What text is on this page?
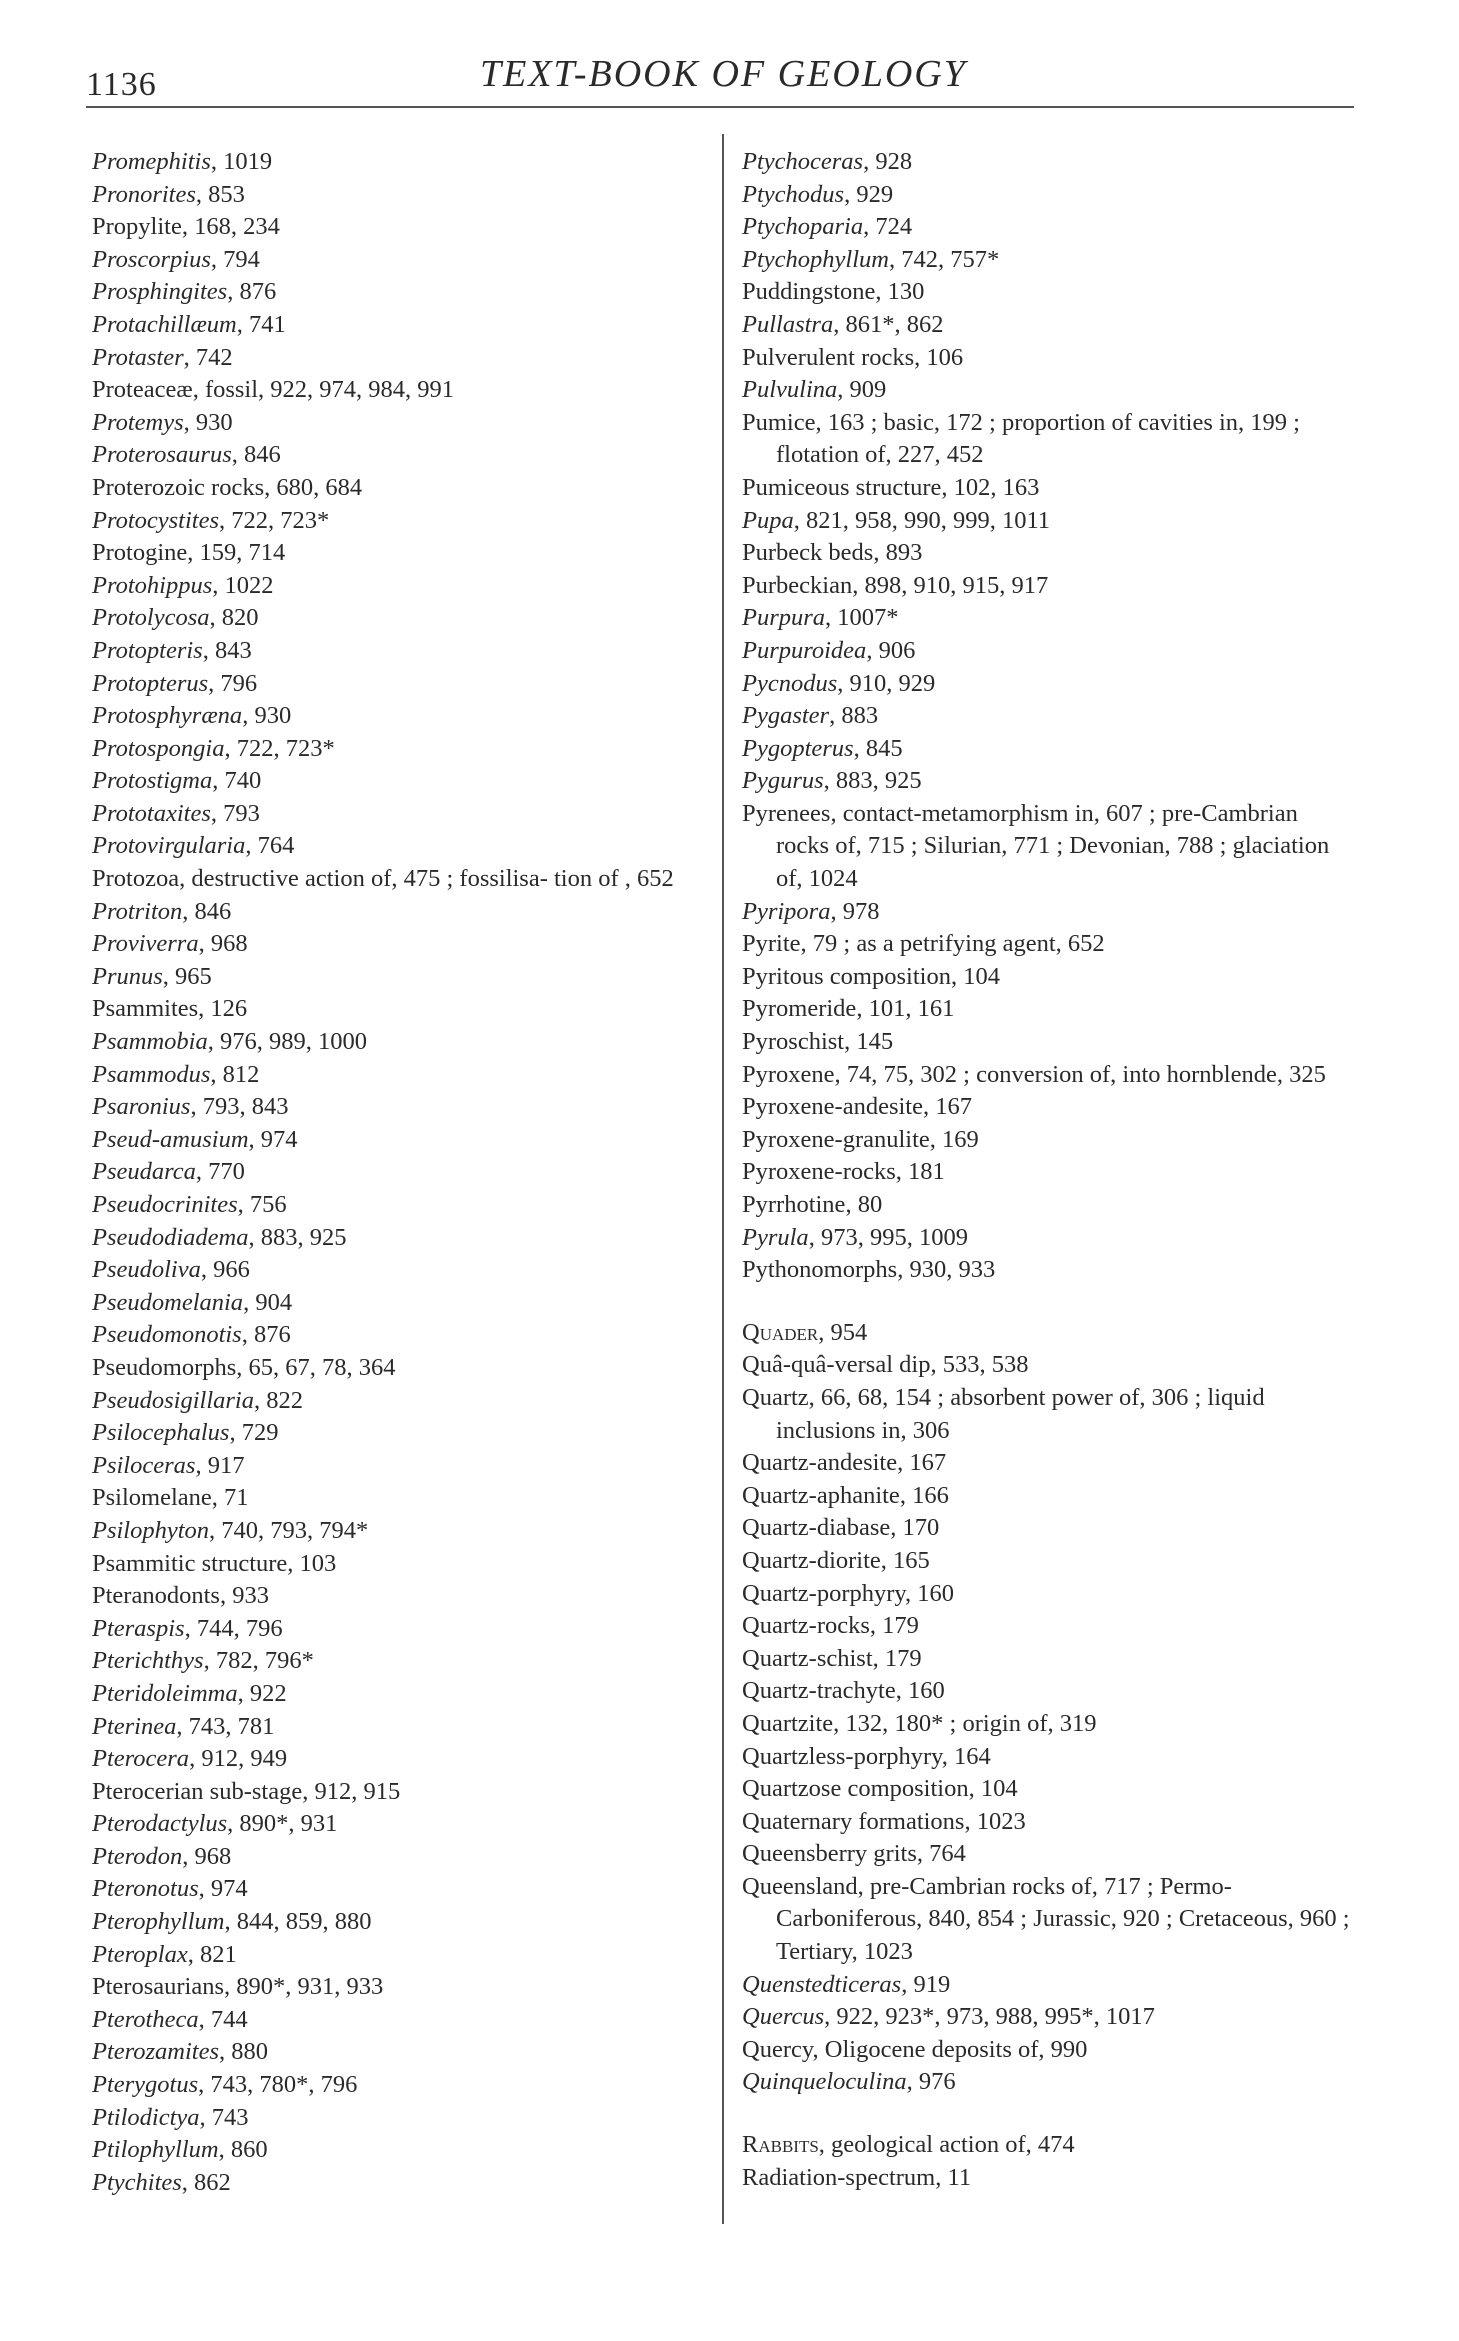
1136	TEXT-BOOK OF GEOLOGY
Promephitis, 1019
Pronorites, 853
Propylite, 168, 234
Proscorpius, 794
Prosphingites, 876
Protachillæum, 741
Protaster, 742
Proteaceæ, fossil, 922, 974, 984, 991
Protemys, 930
Proterosaurus, 846
Proterozoic rocks, 680, 684
Protocystites, 722, 723*
Protogine, 159, 714
Protohippus, 1022
Protolycosa, 820
Protopteris, 843
Protopterus, 796
Protosphyræna, 930
Protospongia, 722, 723*
Protostigma, 740
Prototaxites, 793
Protovirgularia, 764
Protozoa, destructive action of, 475 ; fossilisa- tion of , 652
Protriton, 846
Proviverra, 968
Prunus, 965
Psammites, 126
Psammobia, 976, 989, 1000
Psammodus, 812
Psaronius, 793, 843
Pseud-amusium, 974
Pseudarca, 770
Pseudocrinites, 756
Pseudodiadema, 883, 925
Pseudoliva, 966
Pseudomelania, 904
Pseudomonotis, 876
Pseudomorphs, 65, 67, 78, 364
Pseudosigillaria, 822
Psilocephalus, 729
Psiloceras, 917
Psilomelane, 71
Psilophyton, 740, 793, 794*
Psammitic structure, 103
Pteranodonts, 933
Pteraspis, 744, 796
Pterichthys, 782, 796*
Pteridoleimma, 922
Pterinea, 743, 781
Pterocera, 912, 949
Pterocerian sub-stage, 912, 915
Pterodactylus, 890*, 931
Pterodon, 968
Pteronotus, 974
Pterophyllum, 844, 859, 880
Pteroplax, 821
Pterosaurians, 890*, 931, 933
Pterotheca, 744
Pterozamites, 880
Pterygotus, 743, 780*, 796
Ptilodictya, 743
Ptilophyllum, 860
Ptychites, 862
Ptychoceras, 928
Ptychodus, 929
Ptychoparia, 724
Ptychophyllum, 742, 757*
Puddingstone, 130
Pullastra, 861*, 862
Pulverulent rocks, 106
Pulvulina, 909
Pumice, 163 ; basic, 172 ; proportion of cavities in, 199 ; flotation of, 227, 452
Pumiceous structure, 102, 163
Pupa, 821, 958, 990, 999, 1011
Purbeck beds, 893
Purbeckian, 898, 910, 915, 917
Purpura, 1007*
Purpuroidea, 906
Pycnodus, 910, 929
Pygaster, 883
Pygopterus, 845
Pygurus, 883, 925
Pyrenees, contact-metamorphism in, 607 ; pre-Cambrian rocks of, 715 ; Silurian, 771 ; Devonian, 788 ; glaciation of, 1024
Pyripora, 978
Pyrite, 79 ; as a petrifying agent, 652
Pyritous composition, 104
Pyromeride, 101, 161
Pyroschist, 145
Pyroxene, 74, 75, 302 ; conversion of, into hornblende, 325
Pyroxene-andesite, 167
Pyroxene-granulite, 169
Pyroxene-rocks, 181
Pyrrhotine, 80
Pyrula, 973, 995, 1009
Pythonomorphs, 930, 933
Quader, 954
Quâ-quâ-versal dip, 533, 538
Quartz, 66, 68, 154 ; absorbent power of, 306 ; liquid inclusions in, 306
Quartz-andesite, 167
Quartz-aphanite, 166
Quartz-diabase, 170
Quartz-diorite, 165
Quartz-porphyry, 160
Quartz-rocks, 179
Quartz-schist, 179
Quartz-trachyte, 160
Quartzite, 132, 180* ; origin of, 319
Quartzless-porphyry, 164
Quartzose composition, 104
Quaternary formations, 1023
Queensberry grits, 764
Queensland, pre-Cambrian rocks of, 717 ; Permo-Carboniferous, 840, 854 ; Jurassic, 920 ; Cretaceous, 960 ; Tertiary, 1023
Quenstedticeras, 919
Quercus, 922, 923*, 973, 988, 995*, 1017
Quercy, Oligocene deposits of, 990
Quinqueloculina, 976
Rabbits, geological action of, 474
Radiation-spectrum, 11
